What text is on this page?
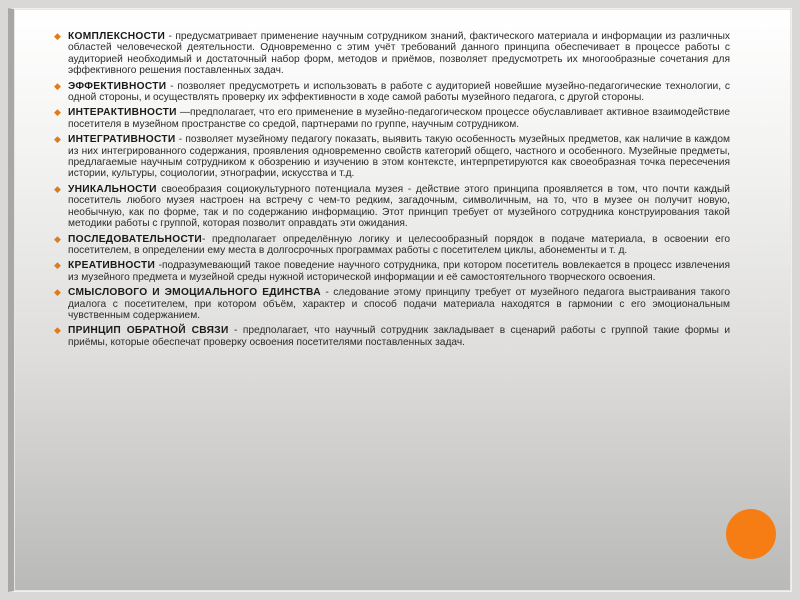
◆ КОМПЛЕКСНОСТИ - предусматривает применение научным сотрудником знаний, фактического материала и информации из различных областей человеческой деятельности. Одновременно с этим учёт требований данного принципа обеспечивает в процессе работы с аудиторией необходимый и достаточный набор форм, методов и приёмов, позволяет предусмотреть их многообразные сочетания для эффективного решения поставленных задач.
◆ ЭФФЕКТИВНОСТИ - позволяет предусмотреть и использовать в работе с аудиторией новейшие музейно-педагогические технологии, с одной стороны, и осуществлять проверку их эффективности в ходе самой работы музейного педагога, с другой стороны.
◆ ИНТЕРАКТИВНОСТИ —предполагает, что его применение в музейно-педагогическом процессе обуславливает активное взаимодействие посетителя в музейном пространстве со средой, партнерами по группе, научным сотрудником.
◆ ИНТЕГРАТИВНОСТИ - позволяет музейному педагогу показать, выявить такую особенность музейных предметов, как наличие в каждом из них интегрированного содержания, проявления одновременно свойств категорий общего, частного и особенного. Музейные предметы, предлагаемые научным сотрудником к обозрению и изучению в этом контексте, интерпретируются как своеобразная точка пересечения истории, культуры, социологии, этнографии, искусства и т.д.
◆ УНИКАЛЬНОСТИ своеобразия социокультурного потенциала музея - действие этого принципа проявляется в том, что почти каждый посетитель любого музея настроен на встречу с чем-то редким, загадочным, символичным, на то, что в музее он получит новую, необычную, как по форме, так и по содержанию информацию. Этот принцип требует от музейного сотрудника конструирования такой методики работы с группой, которая позволит оправдать эти ожидания.
◆ ПОСЛЕДОВАТЕЛЬНОСТИ- предполагает определённую логику и целесообразный порядок в подаче материала, в освоении его посетителем, в определении ему места в долгосрочных программах работы с посетителем циклы, абонементы и т. д.
◆ КРЕАТИВНОСТИ -подразумевающий такое поведение научного сотрудника, при котором посетитель вовлекается в процесс извлечения из музейного предмета и музейной среды нужной исторической информации и её самостоятельного творческого освоения.
◆ СМЫСЛОВОГО И ЭМОЦИАЛЬНОГО ЕДИНСТВА - следование этому принципу требует от музейного педагога выстраивания такого диалога с посетителем, при котором объём, характер и способ подачи материала находятся в гармонии с его эмоциональным чувственным содержанием.
◆ ПРИНЦИП ОБРАТНОЙ СВЯЗИ - предполагает, что научный сотрудник закладывает в сценарий работы с группой такие формы и приёмы, которые обеспечат проверку освоения посетителями поставленных задач.
